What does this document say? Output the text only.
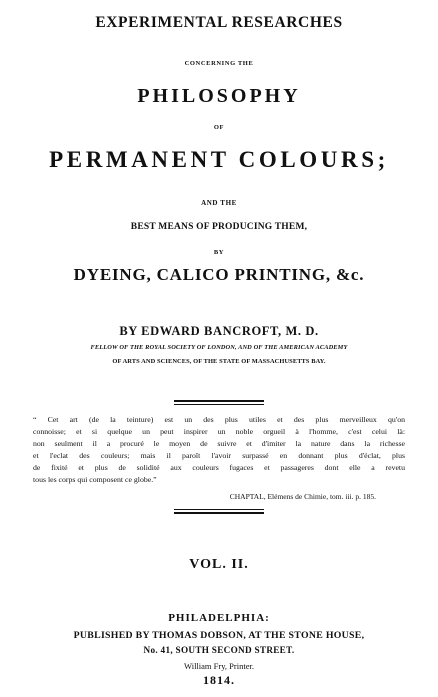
EXPERIMENTAL RESEARCHES
CONCERNING THE
PHILOSOPHY
OF
PERMANENT COLOURS;
AND THE
BEST MEANS OF PRODUCING THEM,
BY
DYEING, CALICO PRINTING, &c.
BY EDWARD BANCROFT, M. D.
FELLOW OF THE ROYAL SOCIETY OF LONDON, AND OF THE AMERICAN ACADEMY
OF ARTS AND SCIENCES, OF THE STATE OF MASSACHUSETTS BAY.
“ Cet art (de la teinture) est un des plus utiles et des plus merveilleux qu'on
connoisse; et si quelque un peut inspirer un noble orgueil à l'homme, c'est celui là:
non seulment il a procuré le moyen de suivre et d'imiter la nature dans la richesse
et l'eclat des couleurs; mais il paroît l'avoir surpassé en donnant plus d'éclat, plus
de fixité et plus de solidité aux couleurs fugaces et passageres dont elle a revetu
tous les corps qui composent ce globe.”
CHAPTAL, Elémens de Chimie, tom. iii. p. 185.
VOL. II.
PHILADELPHIA:
PUBLISHED BY THOMAS DOBSON, AT THE STONE HOUSE,
No. 41, SOUTH SECOND STREET.
William Fry, Printer.
1814.
